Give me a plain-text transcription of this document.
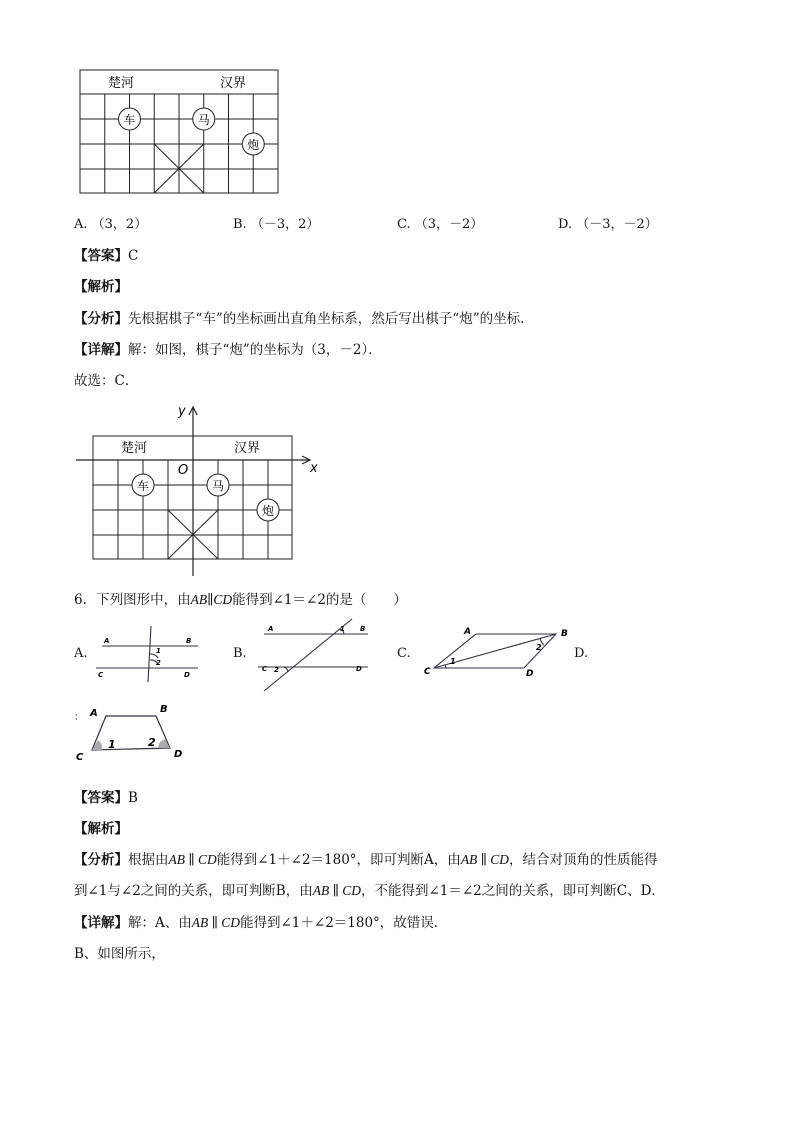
楚河	汉界
车	马
炮
A. （3，2）	B. （－3，2）	C. （3，－2）	D. （－3，－2）
【答案】C
【解析】
【分析】先根据棋子“车”的坐标画出直角坐标系，然后写出棋子“炮”的坐标．
【详解】解：如图，棋子“炮”的坐标为（3，－2）．
故选：C．
楚河	汉界
车	马
炮
y
x
O
6．下列图形中，由AB∥CD能得到∠1＝∠2的是（　　）
A.
A	B
C	D
1
2
B.
A	B
C	D
1
2
C.
A	B
C	D
1
2 D.
： A	B
C	D
1	2
【答案】B
【解析】
【分析】根据由AB ∥ CD能得到∠1＋∠2＝180°，即可判断A，由AB ∥ CD，结合对顶角的性质能得
到∠1与∠2之间的关系，即可判断B，由AB ∥ CD，不能得到∠1＝∠2之间的关系，即可判断C、D．
【详解】解：A、由AB ∥ CD能得到∠1＋∠2＝180°，故错误．
B、如图所示，
